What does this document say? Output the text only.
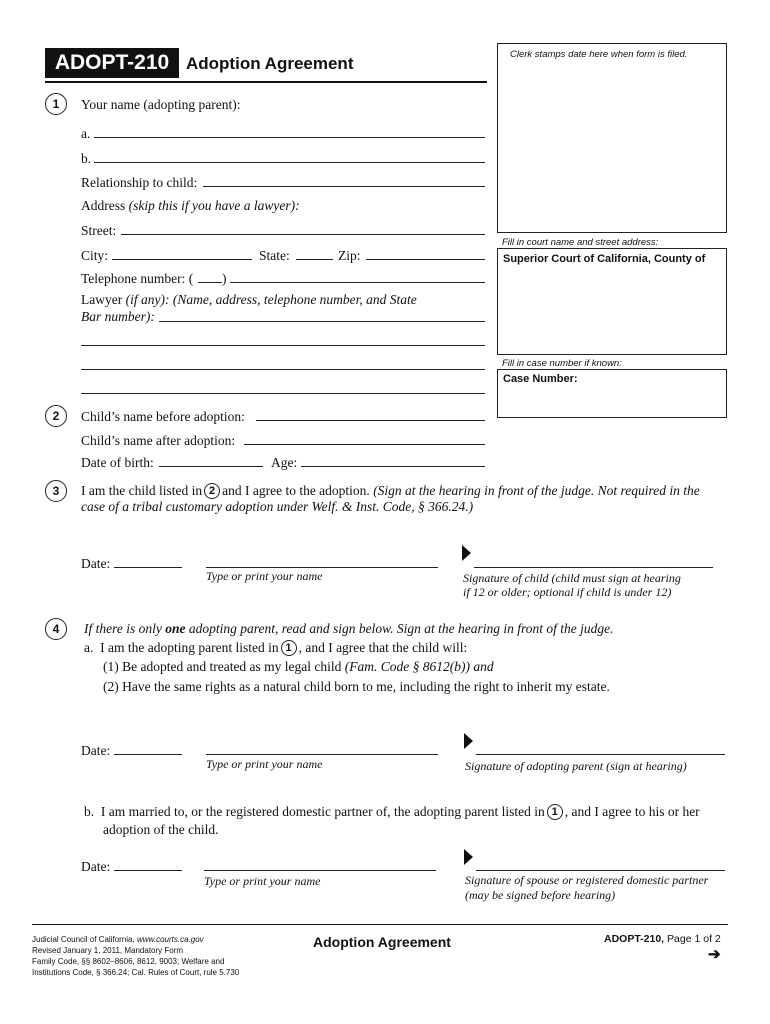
ADOPT-210 Adoption Agreement	Clerk stamps date here when form is filed.
Fill in court name and street address:
Superior Court of California, County of
Fill in case number if known:
Case Number:
1	Your name (adopting parent):
a.
b.
Relationship to child:
Address (skip this if you have a lawyer):
Street:
City:	State:	Zip:
Telephone number: ( )
Lawyer (if any): (Name, address, telephone number, and State
Bar number):
2	Child’s name before adoption:
Child’s name after adoption:
Date of birth:	Age:
3	I am the child listed in 2 and I agree to the adoption. (Sign at the hearing in front of the judge. Not required in the
case of a tribal customary adoption under Welf. & Inst. Code, § 366.24.)
Date:
Type or print your name	Signature of child (child must sign at hearing
if 12 or older; optional if child is under 12)
4	If there is only one adopting parent, read and sign below. Sign at the hearing in front of the judge.
a. I am the adopting parent listed in 1 , and I agree that the child will:
(1) Be adopted and treated as my legal child (Fam. Code § 8612(b)) and
(2) Have the same rights as a natural child born to me, including the right to inherit my estate.
Date:
Type or print your name	Signature of adopting parent (sign at hearing)
b. I am married to, or the registered domestic partner of, the adopting parent listed in 1 , and I agree to his or her
adoption of the child.
Date:
Type or print your name	Signature of spouse or registered domestic partner
(may be signed before hearing)
Judicial Council of California, www.courts.ca.gov
Revised January 1, 2011, Mandatory Form
Family Code, §§ 8602–8606, 8612, 9003; Welfare and
Institutions Code, § 366.24; Cal. Rules of Court, rule 5.730
Adoption Agreement	ADOPT-210, Page 1 of 2
➔
